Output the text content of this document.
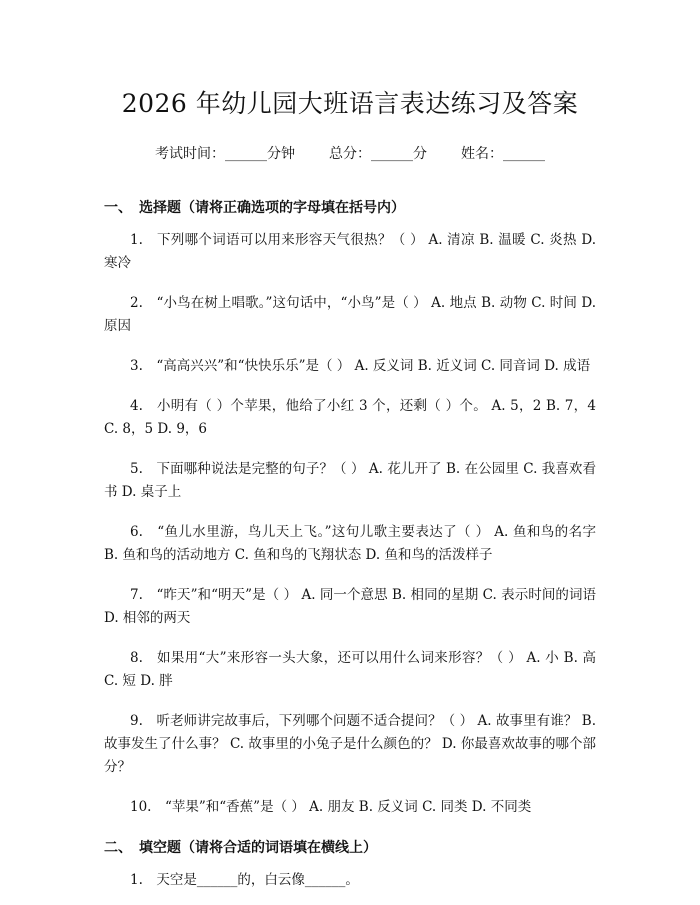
2026 年幼儿园大班语言表达练习及答案
考试时间：______分钟 总分：______分 姓名：______
一、　选择题（请将正确选项的字母填在括号内）
1.　下列哪个词语可以用来形容天气很热？（ ） A. 清凉 B. 温暖 C. 炎热 D. 寒冷
2.　“小鸟在树上唱歌。”这句话中，“小鸟”是（ ） A. 地点 B. 动物 C. 时间 D. 原因
3.　“高高兴兴”和“快快乐乐”是（ ） A. 反义词 B. 近义词 C. 同音词 D. 成语
4.　小明有（ ）个苹果，他给了小红 3 个，还剩（ ）个。 A. 5，2 B. 7，4 C. 8，5 D. 9，6
5.　下面哪种说法是完整的句子？（ ） A. 花儿开了 B. 在公园里 C. 我喜欢看书 D. 桌子上
6.　“鱼儿水里游，鸟儿天上飞。”这句儿歌主要表达了（ ） A. 鱼和鸟的名字 B. 鱼和鸟的活动地方 C. 鱼和鸟的飞翔状态 D. 鱼和鸟的活泼样子
7.　“昨天”和“明天”是（ ） A. 同一个意思 B. 相同的星期 C. 表示时间的词语 D. 相邻的两天
8.　如果用“大”来形容一头大象，还可以用什么词来形容？（ ） A. 小 B. 高 C. 短 D. 胖
9.　听老师讲完故事后，下列哪个问题不适合提问？（ ） A. 故事里有谁？ B. 故事发生了什么事？ C. 故事里的小兔子是什么颜色的？ D. 你最喜欢故事的哪个部分？
10.　“苹果”和“香蕉”是（ ） A. 朋友 B. 反义词 C. 同类 D. 不同类
二、　填空题（请将合适的词语填在横线上）
1.　天空是______的，白云像______。
